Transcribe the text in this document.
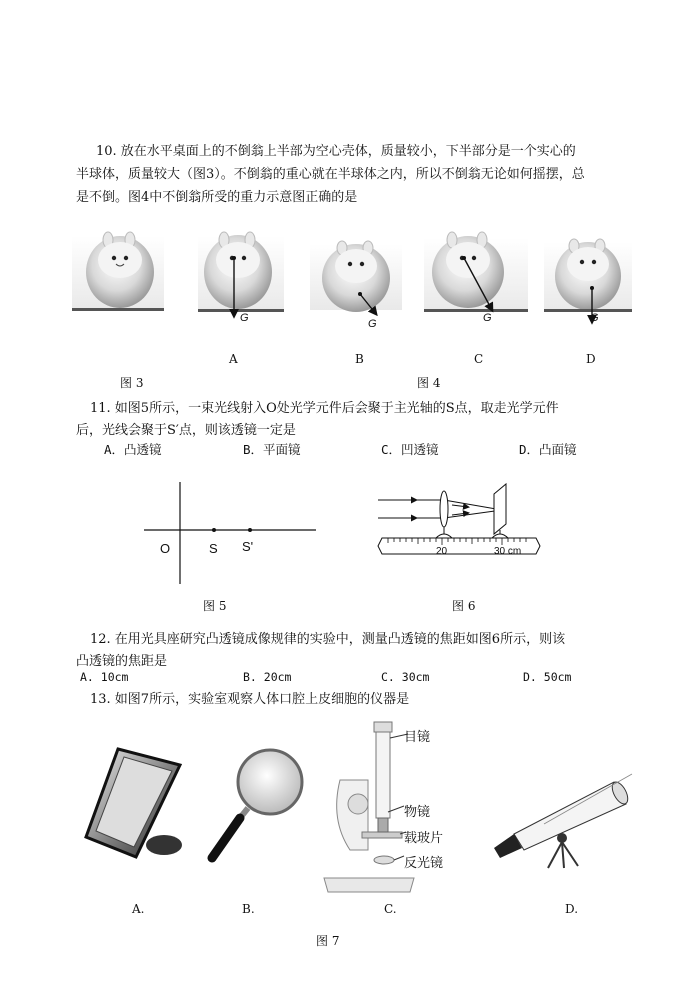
10. 放在水平桌面上的不倒翁上半部为空心壳体，质量较小，下半部分是一个实心的
半球体，质量较大（图3）。不倒翁的重心就在半球体之内，所以不倒翁无论如何摇摆，总
是不倒。图4中不倒翁所受的重力示意图正确的是
G	G	G	G
A	B	C	D
图 3	图 4
11. 如图5所示，一束光线射入O处光学元件后会聚于主光轴的S点，取走光学元件
后，光线会聚于S′点，则该透镜一定是
A．凸透镜	B．平面镜	C．凹透镜	D．凸面镜
O	S S'
图 5
20	30 cm
图 6
12. 在用光具座研究凸透镜成像规律的实验中，测量凸透镜的焦距如图6所示，则该
凸透镜的焦距是
A. 10cm	B. 20cm	C. 30cm	D. 50cm
13. 如图7所示，实验室观察人体口腔上皮细胞的仪器是
目镜
物镜
载玻片
反光镜
A.	B.	C.	D.
图 7
